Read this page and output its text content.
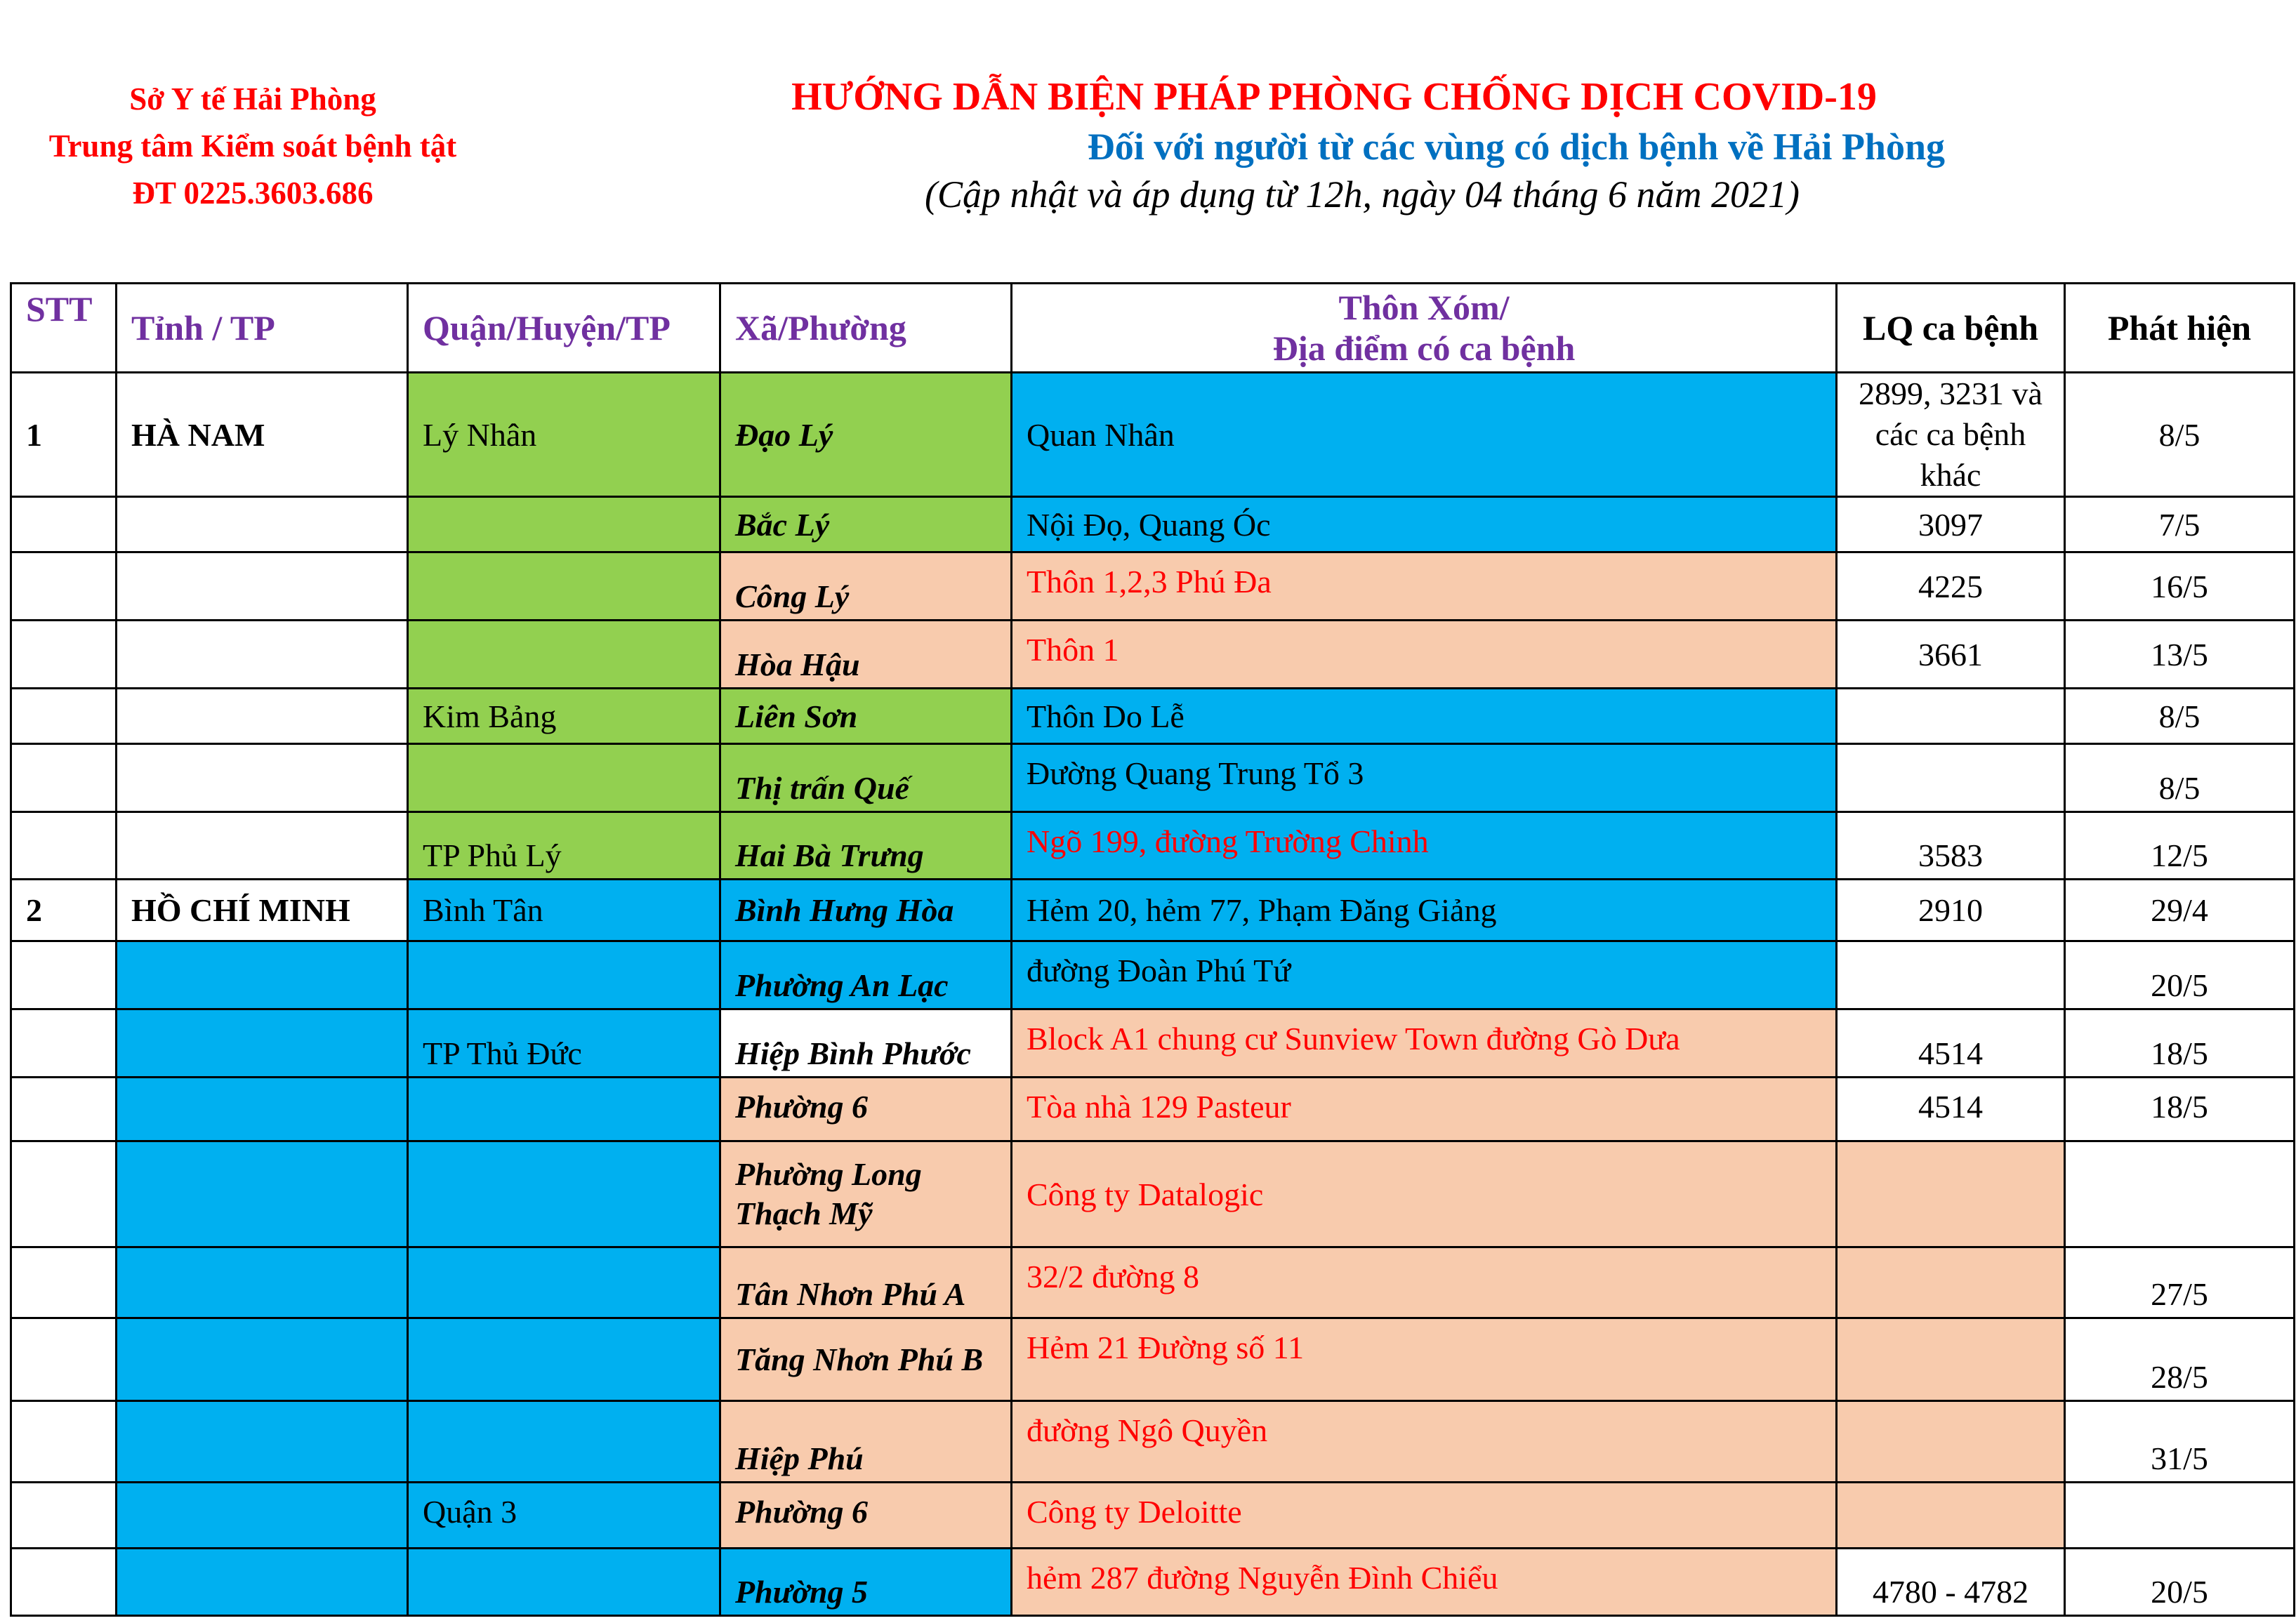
Sở Y tế Hải Phòng
Trung tâm Kiểm soát bệnh tật
ĐT 0225.3603.686
HƯỚNG DẪN BIỆN PHÁP PHÒNG CHỐNG DỊCH COVID-19
Đối với người từ các vùng có dịch bệnh về Hải Phòng
(Cập nhật và áp dụng từ 12h, ngày 04 tháng 6 năm 2021)
STT	Tỉnh / TP	Quận/Huyện/TP	Xã/Phường	Thôn Xóm/
Địa điểm có ca bệnh	LQ ca bệnh	Phát hiện
1	HÀ NAM	Lý Nhân	Đạo Lý	Quan Nhân	2899, 3231 và các ca bệnh khác	8/5
			Bắc Lý	Nội Đọ, Quang Óc	3097	7/5
			Công Lý	Thôn 1,2,3 Phú Đa	4225	16/5
			Hòa Hậu	Thôn 1	3661	13/5
		Kim Bảng	Liên Sơn	Thôn Do Lễ		8/5
			Thị trấn Quế	Đường Quang Trung Tổ 3		8/5
		TP Phủ Lý	Hai Bà Trưng	Ngõ 199, đường Trường Chinh	3583	12/5
2	HỒ CHÍ MINH	Bình Tân	Bình Hưng Hòa	Hẻm 20, hẻm 77, Phạm Đăng Giảng	2910	29/4
			Phường An Lạc	đường Đoàn Phú Tứ		20/5
		TP Thủ Đức	Hiệp Bình Phước	Block A1 chung cư Sunview Town đường Gò Dưa	4514	18/5
			Phường 6	Tòa nhà 129 Pasteur	4514	18/5
			Phường Long Thạch Mỹ	Công ty Datalogic		
			Tân Nhơn Phú A	32/2 đường 8		27/5
			Tăng Nhơn Phú B	Hẻm 21 Đường số 11		28/5
			Hiệp Phú	đường Ngô Quyền		31/5
		Quận 3	Phường 6	Công ty Deloitte		
			Phường 5	hẻm 287 đường Nguyễn Đình Chiểu	4780 - 4782	20/5
